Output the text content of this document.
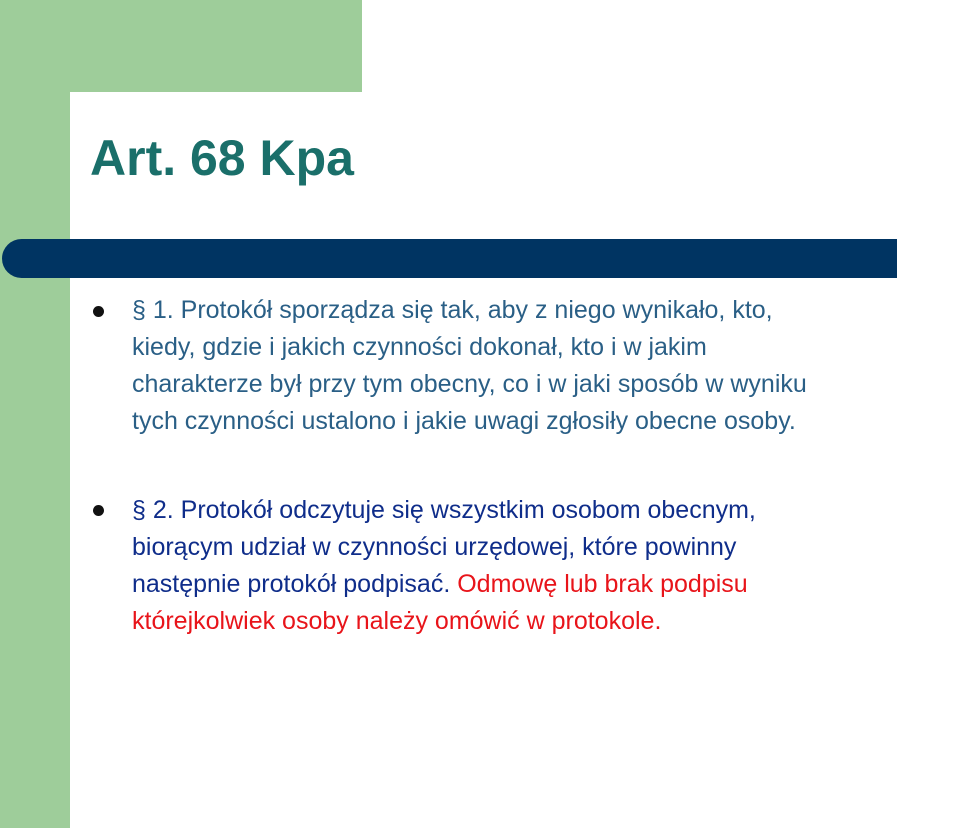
Art. 68 Kpa

§ 1. Protokół sporządza się tak, aby z niego wynikało, kto,
kiedy, gdzie i jakich czynności dokonał, kto i w jakim
charakterze był przy tym obecny, co i w jaki sposób w wyniku
tych czynności ustalono i jakie uwagi zgłosiły obecne osoby.

§ 2. Protokół odczytuje się wszystkim osobom obecnym,
biorącym udział w czynności urzędowej, które powinny
następnie protokół podpisać. Odmowę lub brak podpisu
którejkolwiek osoby należy omówić w protokole.
